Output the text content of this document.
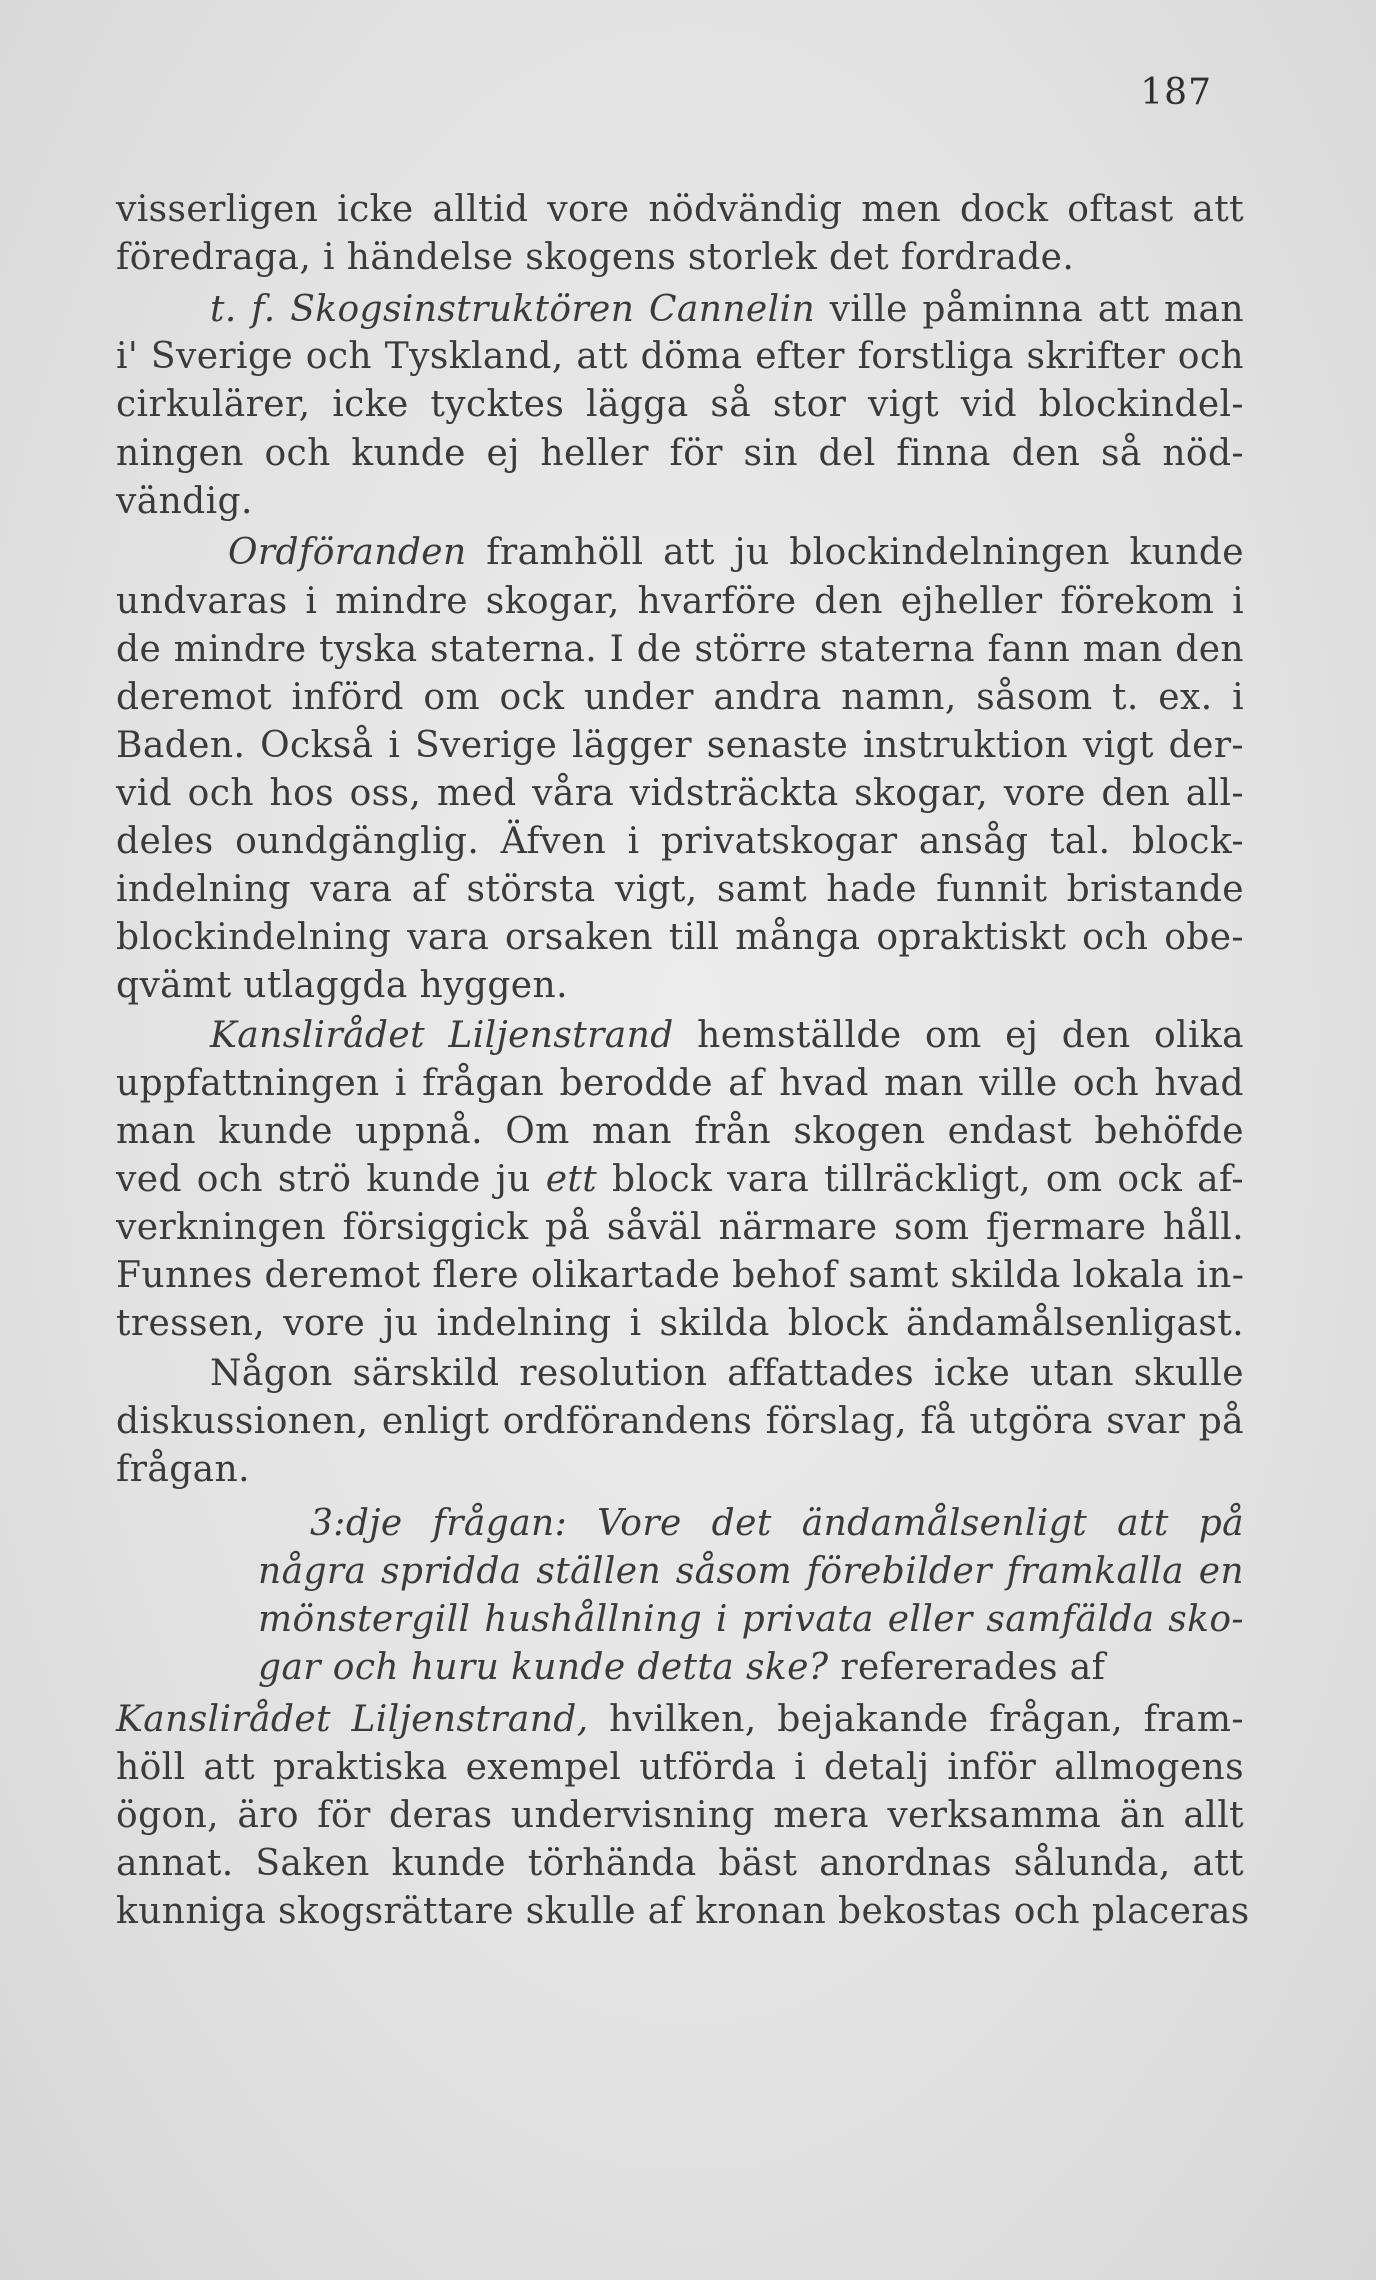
187
visserligen icke alltid vore nödvändig men dock oftast att
föredraga, i händelse skogens storlek det fordrade.
t. f. Skogsinstruktören Cannelin ville påminna att man
i' Sverige och Tyskland, att döma efter forstliga skrifter och
cirkulärer, icke tycktes lägga så stor vigt vid blockindel-
ningen och kunde ej heller för sin del finna den så nöd-
vändig.
Ordföranden framhöll att ju blockindelningen kunde
undvaras i mindre skogar, hvarföre den ejheller förekom i
de mindre tyska staterna. I de större staterna fann man den
deremot införd om ock under andra namn, såsom t. ex. i
Baden. Också i Sverige lägger senaste instruktion vigt der-
vid och hos oss, med våra vidsträckta skogar, vore den all-
deles oundgänglig. Äfven i privatskogar ansåg tal. block-
indelning vara af största vigt, samt hade funnit bristande
blockindelning vara orsaken till många opraktiskt och obe-
qvämt utlaggda hyggen.
Kanslirådet Liljenstrand hemställde om ej den olika
uppfattningen i frågan berodde af hvad man ville och hvad
man kunde uppnå. Om man från skogen endast behöfde
ved och strö kunde ju ett block vara tillräckligt, om ock af-
verkningen försiggick på såväl närmare som fjermare håll.
Funnes deremot flere olikartade behof samt skilda lokala in-
tressen, vore ju indelning i skilda block ändamålsenligast.
Någon särskild resolution affattades icke utan skulle
diskussionen, enligt ordförandens förslag, få utgöra svar på
frågan.
3:dje frågan: Vore det ändamålsenligt att på
några spridda ställen såsom förebilder framkalla en
mönstergill hushållning i privata eller samfälda sko-
gar och huru kunde detta ske? refererades af
Kanslirådet Liljenstrand, hvilken, bejakande frågan, fram-
höll att praktiska exempel utförda i detalj inför allmogens
ögon, äro för deras undervisning mera verksamma än allt
annat. Saken kunde törhända bäst anordnas sålunda, att
kunniga skogsrättare skulle af kronan bekostas och placeras
